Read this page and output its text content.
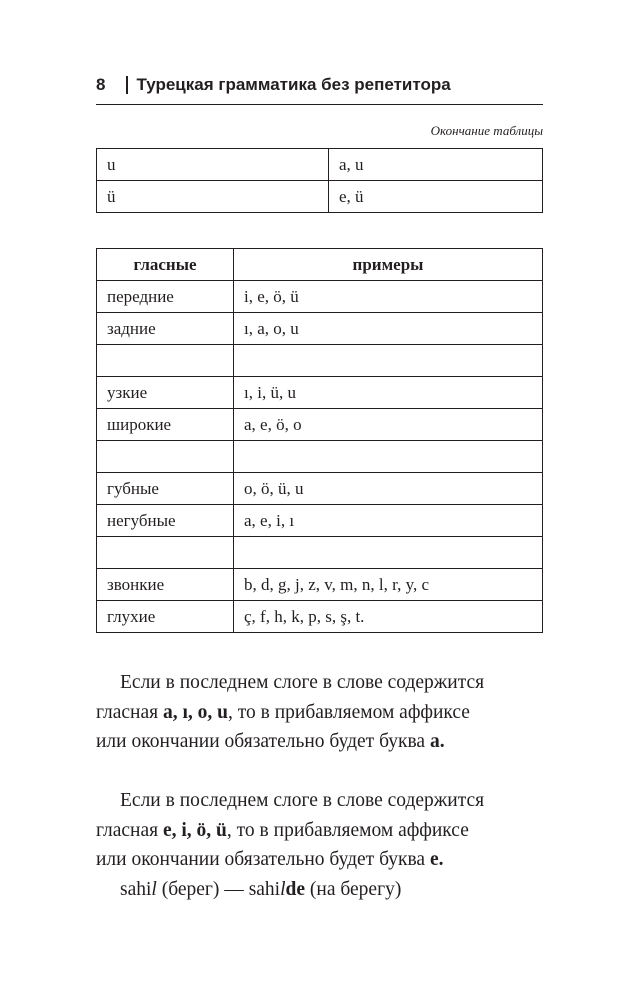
8	Турецкая грамматика без репетитора
Окончание таблицы
u	a, u
ü	e, ü
гласные	примеры
передние	i, e, ö, ü
задние	ı, a, o, u

узкие	ı, i, ü, u
широкие	a, e, ö, o

губные	o, ö, ü, u
негубные	a, e, i, ı

звонкие	b, d, g, j, z, v, m, n, l, r, y, c
глухие	ç, f, h, k, p, s, ş, t.
Если в последнем слоге в слове содержится
гласная a, ı, o, u, то в прибавляемом аффиксе
или окончании обязательно будет буква a.
Если в последнем слоге в слове содержится
гласная e, i, ö, ü, то в прибавляемом аффиксе
или окончании обязательно будет буква e.
sahil (берег) — sahilde (на берегу)
